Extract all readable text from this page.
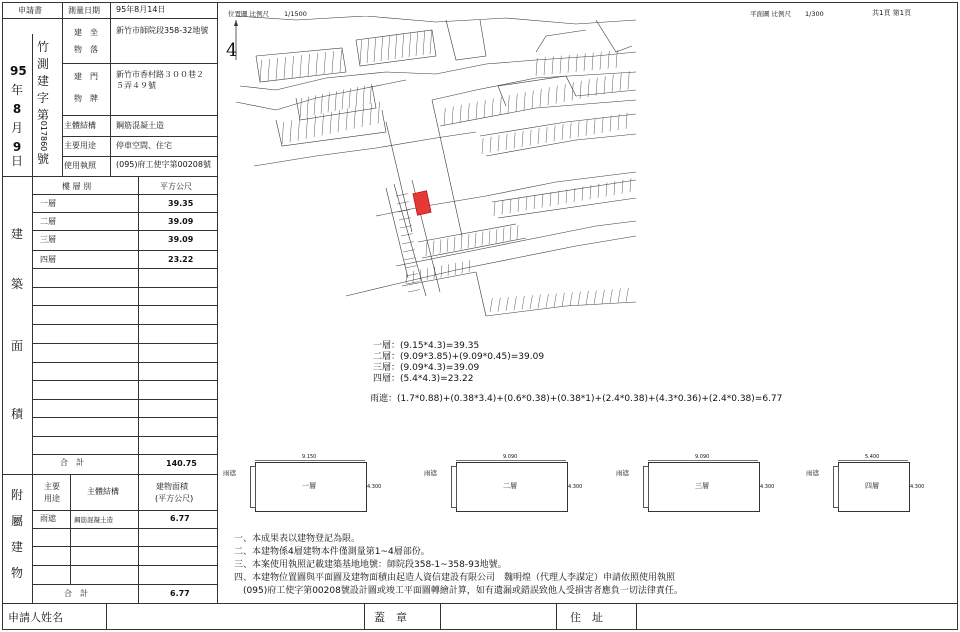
申請書	測量日期 95年8月14日
建　坐
物　落
新竹市師院段358-32地號
建　門
物　牌
新竹市香村路３００巷２
５弄４９號
主體結構	鋼筋混凝土造
主要用途	停車空間、住宅
使用執照	(095)府工使字第00208號
95
年
8
月
9
日
竹
測
建
字
第
017860
號
樓 層 別	平方公尺
建
築
面
積
一層	39.35
二層	39.09
三層	39.09
四層	23.22
合　計	140.75
主要
用途
主體結構
建物面積
(平方公尺)
雨遮	鋼筋混凝土造	6.77
附
屬
建
物
合　計	6.77
申請人姓名	蓋　章	住　址
位置圖 比例尺 1/1500	平面圖 比例尺 1/300	共1頁 第1頁
4
一層：(9.15*4.3)=39.35
二層：(9.09*3.85)+(9.09*0.45)=39.09
三層：(9.09*4.3)=39.09
四層：(5.4*4.3)=23.22
雨遮：(1.7*0.88)+(0.38*3.4)+(0.6*0.38)+(0.38*1)+(2.4*0.38)+(4.3*0.36)+(2.4*0.38)=6.77
一層
雨遮
9.150
4.300	二層
雨遮
9.090
4.300	三層
雨遮
9.090
4.300	四層
雨遮
5.400
4.300
一、本成果表以建物登記為限。
二、本建物係4層建物本件僅測量第1~4層部份。
三、本案使用執照記載建築基地地號：師院段358-1~358-93地號。
四、本建物位置圖與平面圖及建物面積由起造人資信建設有限公司　魏明煌（代理人李謀定）申請依照使用執照
　(095)府工使字第00208號設計圖或竣工平面圖轉繪計算，如有遺漏或錯誤致他人受損害者應負一切法律責任。
